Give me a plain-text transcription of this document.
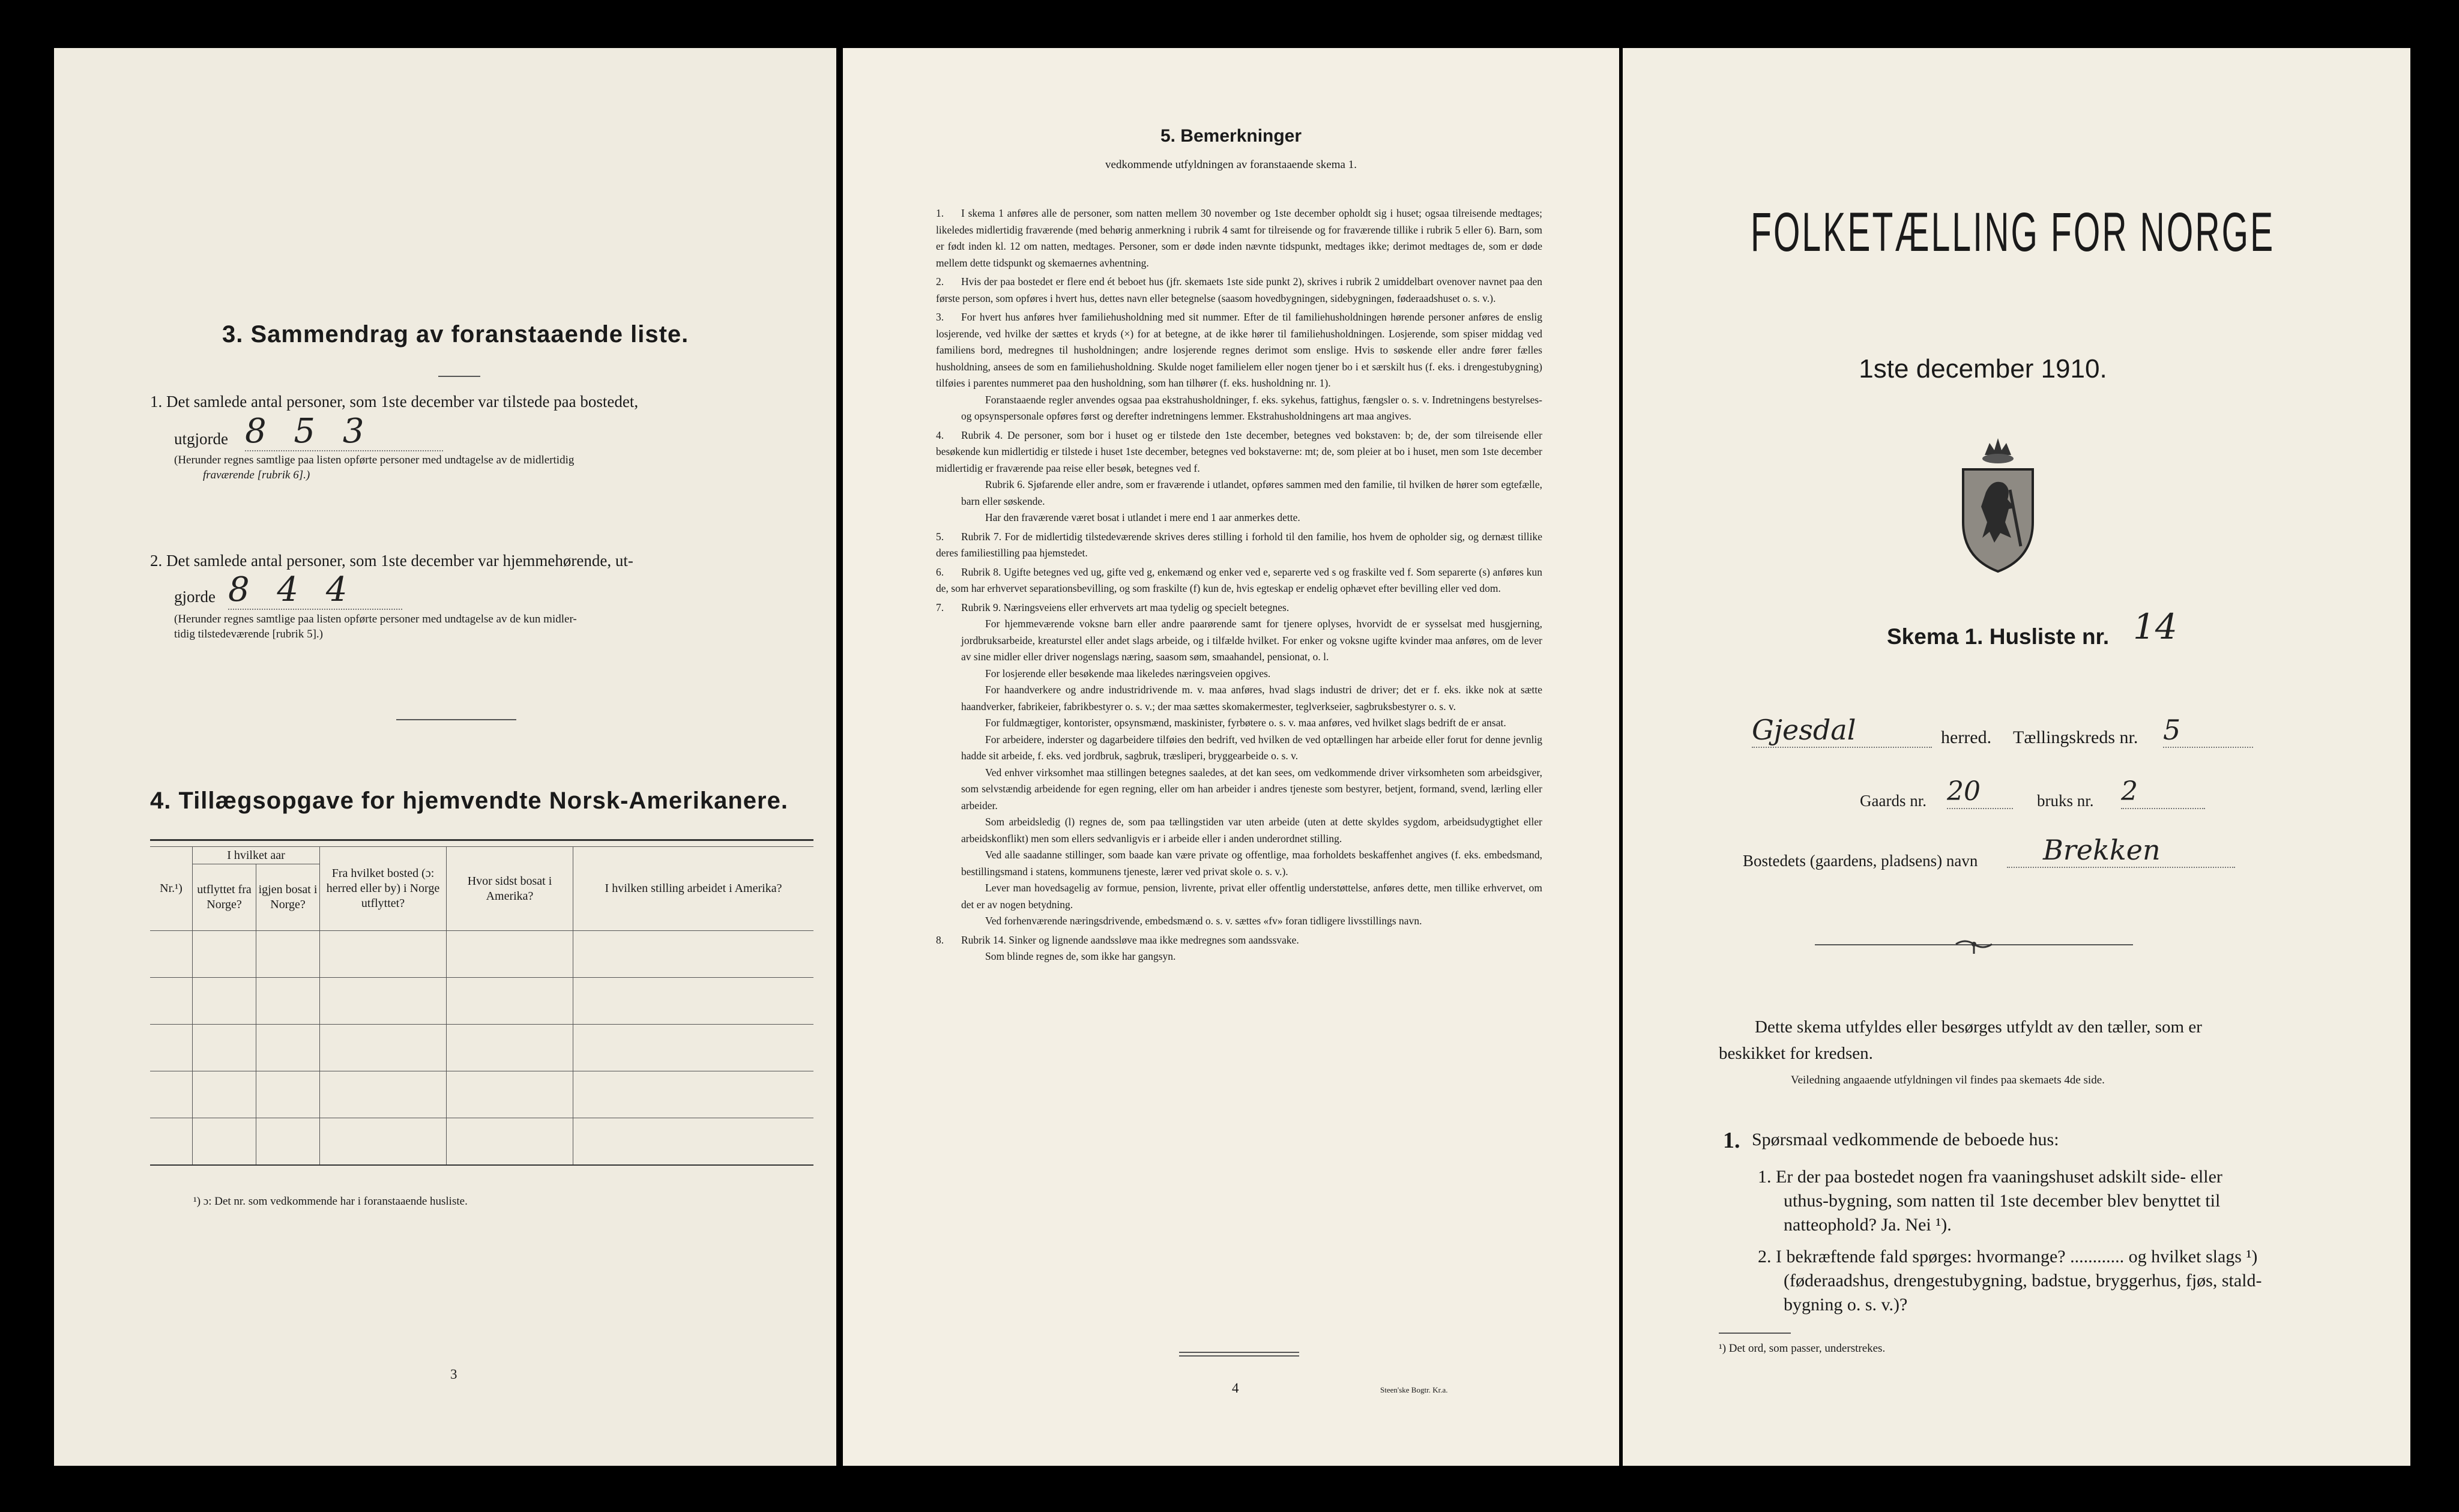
3. Sammendrag av foranstaaende liste.
1. Det samlede antal personer, som 1ste december var tilstede paa bostedet,
utgjorde 8 5 3
(Herunder regnes samtlige paa listen opførte personer med undtagelse av de midlertidig
fraværende [rubrik 6].)
2. Det samlede antal personer, som 1ste december var hjemmehørende, ut-
gjorde 8 4 4
(Herunder regnes samtlige paa listen opførte personer med undtagelse av de kun midler-
tidig tilstedeværende [rubrik 5].)
4. Tillægsopgave for hjemvendte Norsk-Amerikanere.
Nr.¹)	I hvilket aar		Fra hvilket bosted (ɔ: herred eller by) i Norge utflyttet?	Hvor sidst bosat i Amerika?	I hvilken stilling arbeidet i Amerika?
	utflyttet fra Norge?	igjen bosat i Norge?			

¹) ɔ: Det nr. som vedkommende har i foranstaaende husliste.
3
5. Bemerkninger
vedkommende utfyldningen av foranstaaende skema 1.

1. I skema 1 anføres alle de personer, som natten mellem 30 november og 1ste december opholdt sig i huset; ogsaa tilreisende medtages; likeledes midlertidig fraværende (med behørig anmerkning i rubrik 4 samt for tilreisende og for fraværende tillike i rubrik 5 eller 6). Barn, som er født inden kl. 12 om natten, medtages. Personer, som er døde inden nævnte tidspunkt, medtages ikke; derimot medtages de, som er døde mellem dette tidspunkt og skemaernes avhentning.

2. Hvis der paa bostedet er flere end ét beboet hus (jfr. skemaets 1ste side punkt 2), skrives i rubrik 2 umiddelbart ovenover navnet paa den første person, som opføres i hvert hus, dettes navn eller betegnelse (saasom hovedbygningen, sidebygningen, føderaadshuset o. s. v.).

3. For hvert hus anføres hver familiehusholdning med sit nummer. Efter de til familiehusholdningen hørende personer anføres de enslig losjerende, ved hvilke der sættes et kryds (×) for at betegne, at de ikke hører til familiehusholdningen. Losjerende, som spiser middag ved familiens bord, medregnes til husholdningen; andre losjerende regnes derimot som enslige. Hvis to søskende eller andre fører fælles husholdning, ansees de som en familiehusholdning. Skulde noget familielem eller nogen tjener bo i et særskilt hus (f. eks. i drengestubygning) tilføies i parentes nummeret paa den husholdning, som han tilhører (f. eks. husholdning nr. 1).

Foranstaaende regler anvendes ogsaa paa ekstrahusholdninger, f. eks. sykehus, fattighus, fængsler o. s. v. Indretningens bestyrelses- og opsynspersonale opføres først og derefter indretningens lemmer. Ekstrahusholdningens art maa angives.

4. Rubrik 4. De personer, som bor i huset og er tilstede den 1ste december, betegnes ved bokstaven: b; de, der som tilreisende eller besøkende kun midlertidig er tilstede i huset 1ste december, betegnes ved bokstaverne: mt; de, som pleier at bo i huset, men som 1ste december midlertidig er fraværende paa reise eller besøk, betegnes ved f.

Rubrik 6. Sjøfarende eller andre, som er fraværende i utlandet, opføres sammen med den familie, til hvilken de hører som egtefælle, barn eller søskende.

Har den fraværende været bosat i utlandet i mere end 1 aar anmerkes dette.

5. Rubrik 7. For de midlertidig tilstedeværende skrives deres stilling i forhold til den familie, hos hvem de opholder sig, og dernæst tillike deres familiestilling paa hjemstedet.

6. Rubrik 8. Ugifte betegnes ved ug, gifte ved g, enkemænd og enker ved e, separerte ved s og fraskilte ved f. Som separerte (s) anføres kun de, som har erhvervet separationsbevilling, og som fraskilte (f) kun de, hvis egteskap er endelig ophævet efter bevilling eller ved dom.

7. Rubrik 9. Næringsveiens eller erhvervets art maa tydelig og specielt betegnes.

For hjemmeværende voksne barn eller andre paarørende samt for tjenere oplyses, hvorvidt de er sysselsat med husgjerning, jordbruksarbeide, kreaturstel eller andet slags arbeide, og i tilfælde hvilket. For enker og voksne ugifte kvinder maa anføres, om de lever av sine midler eller driver nogenslags næring, saasom søm, smaahandel, pensionat, o. l.

For losjerende eller besøkende maa likeledes næringsveien opgives.

For haandverkere og andre industridrivende m. v. maa anføres, hvad slags industri de driver; det er f. eks. ikke nok at sætte haandverker, fabrikeier, fabrikbestyrer o. s. v.; der maa sættes skomakermester, teglverkseier, sagbruksbestyrer o. s. v.

For fuldmægtiger, kontorister, opsynsmænd, maskinister, fyrbøtere o. s. v. maa anføres, ved hvilket slags bedrift de er ansat.

For arbeidere, inderster og dagarbeidere tilføies den bedrift, ved hvilken de ved optællingen har arbeide eller forut for denne jevnlig hadde sit arbeide, f. eks. ved jordbruk, sagbruk, træsliperi, bryggearbeide o. s. v.

Ved enhver virksomhet maa stillingen betegnes saaledes, at det kan sees, om vedkommende driver virksomheten som arbeidsgiver, som selvstændig arbeidende for egen regning, eller om han arbeider i andres tjeneste som bestyrer, betjent, formand, svend, lærling eller arbeider.

Som arbeidsledig (l) regnes de, som paa tællingstiden var uten arbeide (uten at dette skyldes sygdom, arbeidsudygtighet eller arbeidskonflikt) men som ellers sedvanligvis er i arbeide eller i anden underordnet stilling.

Ved alle saadanne stillinger, som baade kan være private og offentlige, maa forholdets beskaffenhet angives (f. eks. embedsmand, bestillingsmand i statens, kommunens tjeneste, lærer ved privat skole o. s. v.).

Lever man hovedsagelig av formue, pension, livrente, privat eller offentlig understøttelse, anføres dette, men tillike erhvervet, om det er av nogen betydning.

Ved forhenværende næringsdrivende, embedsmænd o. s. v. sættes «fv» foran tidligere livsstillings navn.

8. Rubrik 14. Sinker og lignende aandssløve maa ikke medregnes som aandssvake.

Som blinde regnes de, som ikke har gangsyn.

4	Steen'ske Bogtr. Kr.a.
FOLKETÆLLING FOR NORGE
1ste december 1910.
Skema 1. Husliste nr. 14
Gjesdal	herred. Tællingskreds nr. 5
Gaards nr. 20	bruks nr. 2
Bostedets (gaardens, pladsens) navn	Brekken
Dette skema utfyldes eller besørges utfyldt av den tæller, som er
beskikket for kredsen.
Veiledning angaaende utfyldningen vil findes paa skemaets 4de side.
1. Spørsmaal vedkommende de beboede hus:
1. Er der paa bostedet nogen fra vaaningshuset adskilt side- eller
uthus-bygning, som natten til 1ste december blev benyttet til
natteophold? Ja. Nei ¹).
2. I bekræftende fald spørges: hvormange? ............ og hvilket slags ¹)
(føderaadshus, drengestubygning, badstue, bryggerhus, fjøs, stald-
bygning o. s. v.)?
¹) Det ord, som passer, understrekes.
